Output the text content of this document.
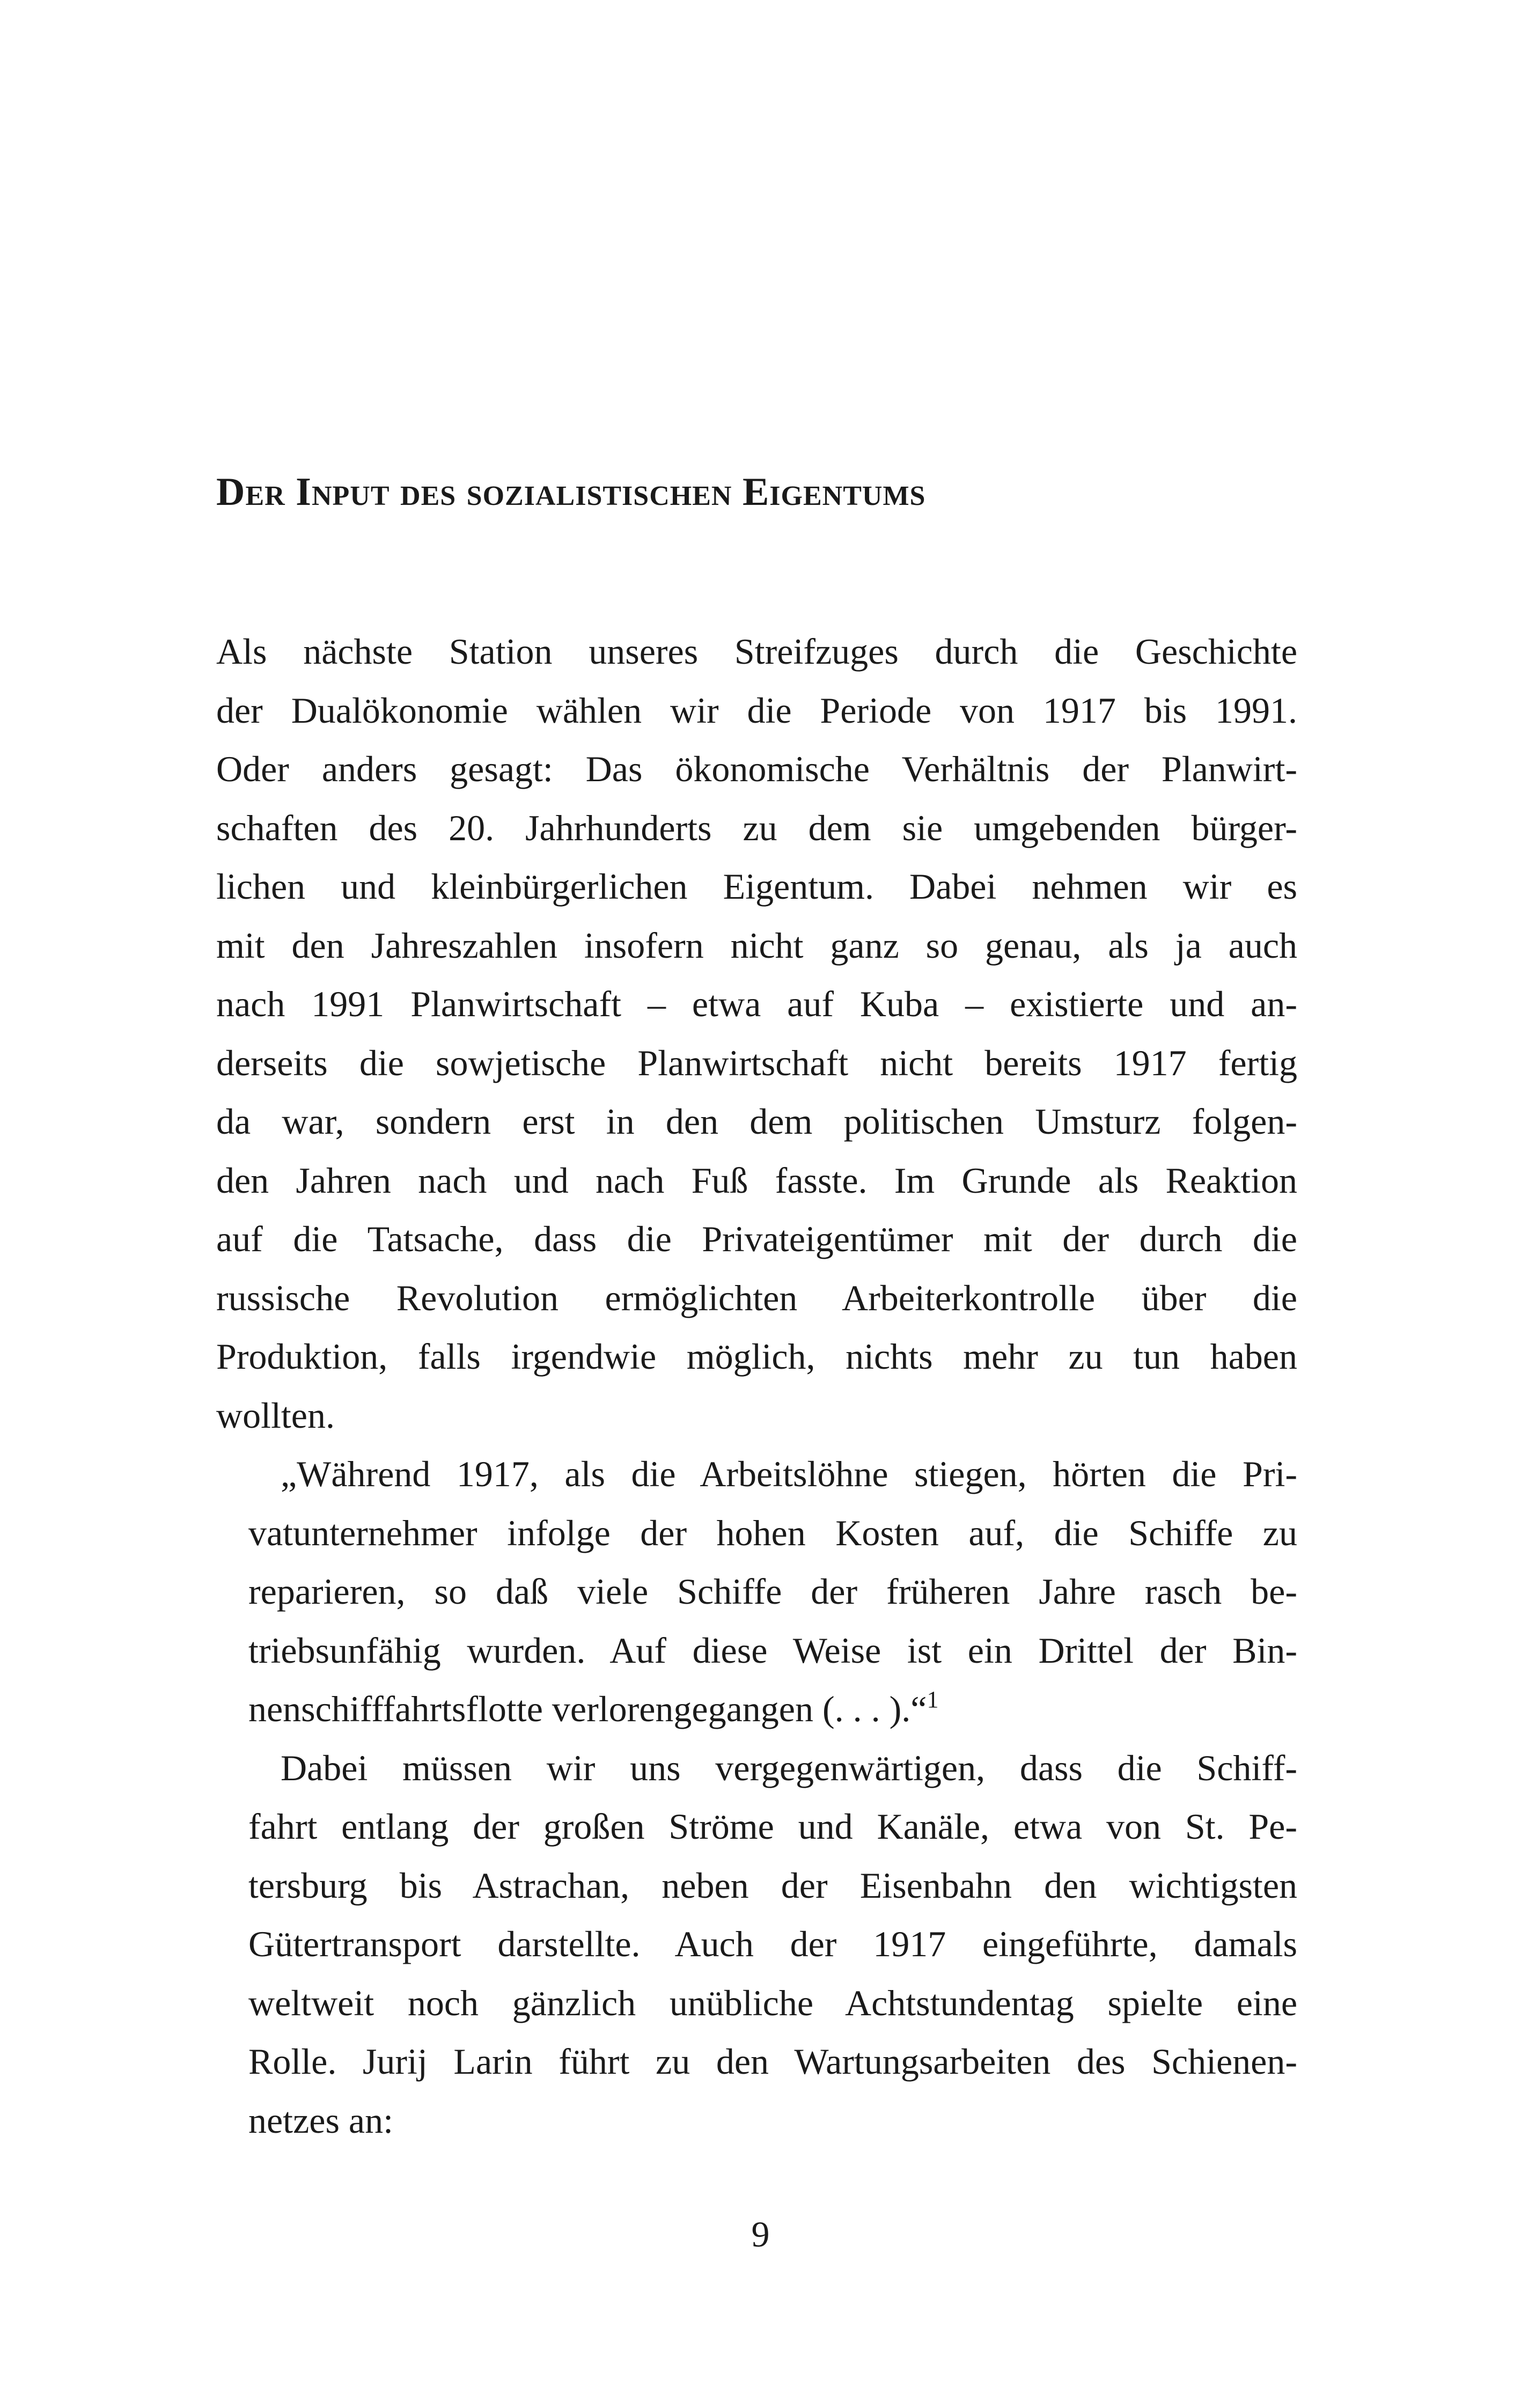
Der Input des sozialistischen Eigentums

Als nächste Station unseres Streifzuges durch die Geschichte
der Dualökonomie wählen wir die Periode von 1917 bis 1991.
Oder anders gesagt: Das ökonomische Verhältnis der Planwirt-
schaften des 20. Jahrhunderts zu dem sie umgebenden bürger-
lichen und kleinbürgerlichen Eigentum. Dabei nehmen wir es
mit den Jahreszahlen insofern nicht ganz so genau, als ja auch
nach 1991 Planwirtschaft – etwa auf Kuba – existierte und an-
derseits die sowjetische Planwirtschaft nicht bereits 1917 fertig
da war, sondern erst in den dem politischen Umsturz folgen-
den Jahren nach und nach Fuß fasste. Im Grunde als Reaktion
auf die Tatsache, dass die Privateigentümer mit der durch die
russische Revolution ermöglichten Arbeiterkontrolle über die
Produktion, falls irgendwie möglich, nichts mehr zu tun haben
wollten.

„Während 1917, als die Arbeitslöhne stiegen, hörten die Pri-
vatunternehmer infolge der hohen Kosten auf, die Schiffe zu
reparieren, so daß viele Schiffe der früheren Jahre rasch be-
triebsunfähig wurden. Auf diese Weise ist ein Drittel der Bin-
nenschifffahrtsflotte verlorengegangen (. . . ).“$^1$

Dabei müssen wir uns vergegenwärtigen, dass die Schiff-
fahrt entlang der großen Ströme und Kanäle, etwa von St. Pe-
tersburg bis Astrachan, neben der Eisenbahn den wichtigsten
Gütertransport darstellte. Auch der 1917 eingeführte, damals
weltweit noch gänzlich unübliche Achtstundentag spielte eine
Rolle. Jurij Larin führt zu den Wartungsarbeiten des Schienen-
netzes an:

9
